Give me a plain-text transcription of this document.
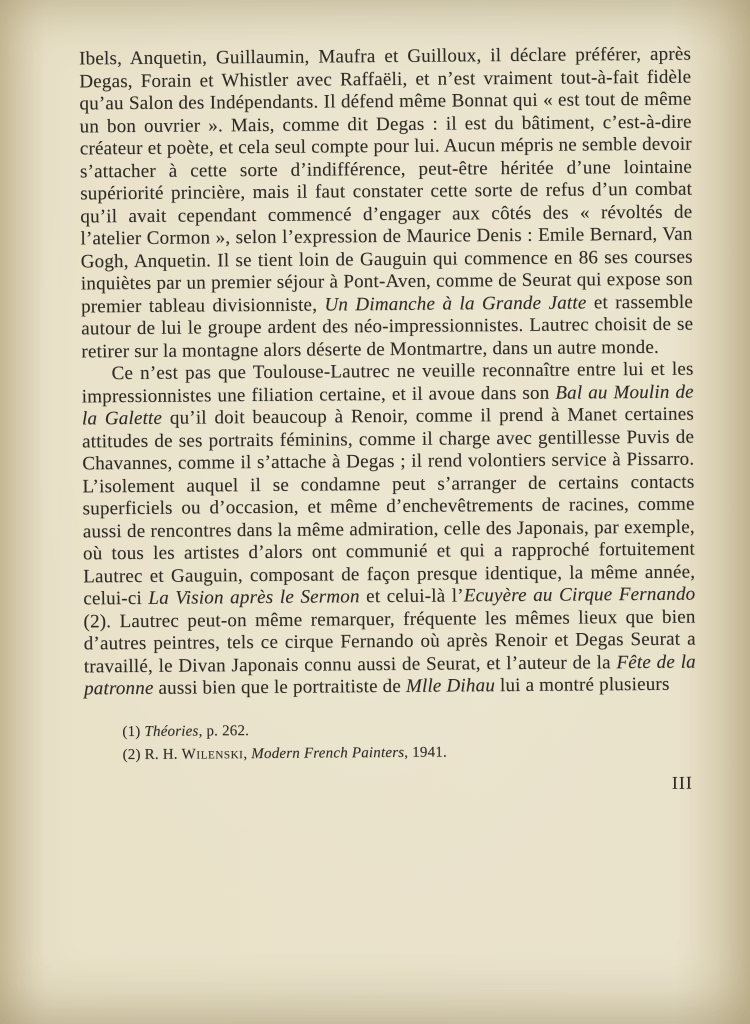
Ibels, Anquetin, Guillaumin, Maufra et Guilloux, il déclare préférer, après Degas, Forain et Whistler avec Raffaëli, et n’est vraiment tout-à-fait fidèle qu’au Salon des Indépendants. Il défend même Bonnat qui « est tout de même un bon ouvrier ». Mais, comme dit Degas : il est du bâtiment, c’est-à-dire créateur et poète, et cela seul compte pour lui. Aucun mépris ne semble devoir s’attacher à cette sorte d’indifférence, peut-être héritée d’une lointaine supériorité princière, mais il faut constater cette sorte de refus d’un combat qu’il avait cependant commencé d’engager aux côtés des « révoltés de l’atelier Cormon », selon l’expression de Maurice Denis : Emile Bernard, Van Gogh, Anquetin. Il se tient loin de Gauguin qui commence en 86 ses courses inquiètes par un premier séjour à Pont-Aven, comme de Seurat qui expose son premier tableau divisionniste, Un Dimanche à la Grande Jatte et rassemble autour de lui le groupe ardent des néo-impressionnistes. Lautrec choisit de se retirer sur la montagne alors déserte de Montmartre, dans un autre monde.

Ce n’est pas que Toulouse-Lautrec ne veuille reconnaître entre lui et les impressionnistes une filiation certaine, et il avoue dans son Bal au Moulin de la Galette qu’il doit beaucoup à Renoir, comme il prend à Manet certaines attitudes de ses portraits féminins, comme il charge avec gentillesse Puvis de Chavannes, comme il s’attache à Degas ; il rend volontiers service à Pissarro. L’isolement auquel il se condamne peut s’arranger de certains contacts superficiels ou d’occasion, et même d’enchevêtrements de racines, comme aussi de rencontres dans la même admiration, celle des Japonais, par exemple, où tous les artistes d’alors ont communié et qui a rapproché fortuitement Lautrec et Gauguin, composant de façon presque identique, la même année, celui-ci La Vision après le Sermon et celui-là l’Ecuyère au Cirque Fernando (2). Lautrec peut-on même remarquer, fréquente les mêmes lieux que bien d’autres peintres, tels ce cirque Fernando où après Renoir et Degas Seurat a travaillé, le Divan Japonais connu aussi de Seurat, et l’auteur de la Fête de la patronne aussi bien que le portraitiste de Mlle Dihau lui a montré plusieurs

(1) Théories, p. 262.

(2) R. H. Wilenski, Modern French Painters, 1941.

III
